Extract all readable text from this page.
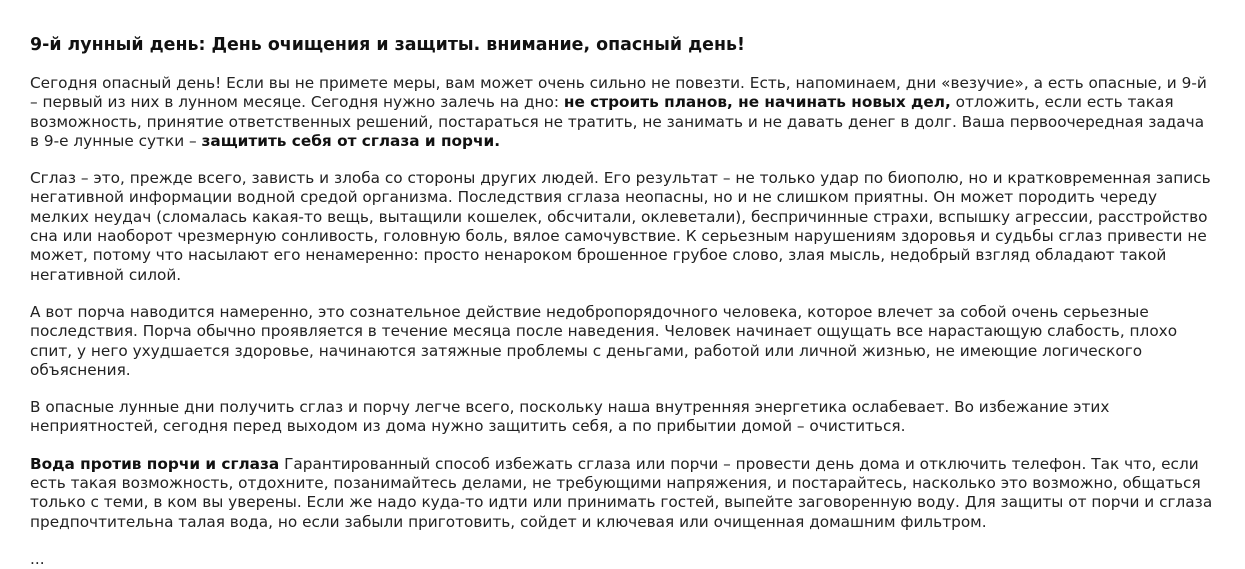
9-й лунный день: День очищения и защиты. внимание, опасный день!

Сегодня опасный день! Если вы не примете меры, вам может очень сильно не повезти. Есть, напоминаем, дни «везучие», а есть опасные, и 9-й – первый из них в лунном месяце. Сегодня нужно залечь на дно: не строить планов, не начинать новых дел, отложить, если есть такая возможность, принятие ответственных решений, постараться не тратить, не занимать и не давать денег в долг. Ваша первоочередная задача в 9-е лунные сутки – защитить себя от сглаза и порчи.

Сглаз – это, прежде всего, зависть и злоба со стороны других людей. Его результат – не только удар по биополю, но и кратковременная запись негативной информации водной средой организма. Последствия сглаза неопасны, но и не слишком приятны. Он может породить череду мелких неудач (сломалась какая-то вещь, вытащили кошелек, обсчитали, оклеветали), беспричинные страхи, вспышку агрессии, расстройство сна или наоборот чрезмерную сонливость, головную боль, вялое самочувствие. К серьезным нарушениям здоровья и судьбы сглаз привести не может, потому что насылают его ненамеренно: просто ненароком брошенное грубое слово, злая мысль, недобрый взгляд обладают такой негативной силой.

А вот порча наводится намеренно, это сознательное действие недобропорядочного человека, которое влечет за собой очень серьезные последствия. Порча обычно проявляется в течение месяца после наведения. Человек начинает ощущать все нарастающую слабость, плохо спит, у него ухудшается здоровье, начинаются затяжные проблемы с деньгами, работой или личной жизнью, не имеющие логического объяснения.

В опасные лунные дни получить сглаз и порчу легче всего, поскольку наша внутренняя энергетика ослабевает. Во избежание этих неприятностей, сегодня перед выходом из дома нужно защитить себя, а по прибытии домой – очиститься.

Вода против порчи и сглаза Гарантированный способ избежать сглаза или порчи – провести день дома и отключить телефон. Так что, если есть такая возможность, отдохните, позанимайтесь делами, не требующими напряжения, и постарайтесь, насколько это возможно, общаться только с теми, в ком вы уверены. Если же надо куда-то идти или принимать гостей, выпейте заговоренную воду. Для защиты от порчи и сглаза предпочтительна талая вода, но если забыли приготовить, сойдет и ключевая или очищенная домашним фильтром.

...
